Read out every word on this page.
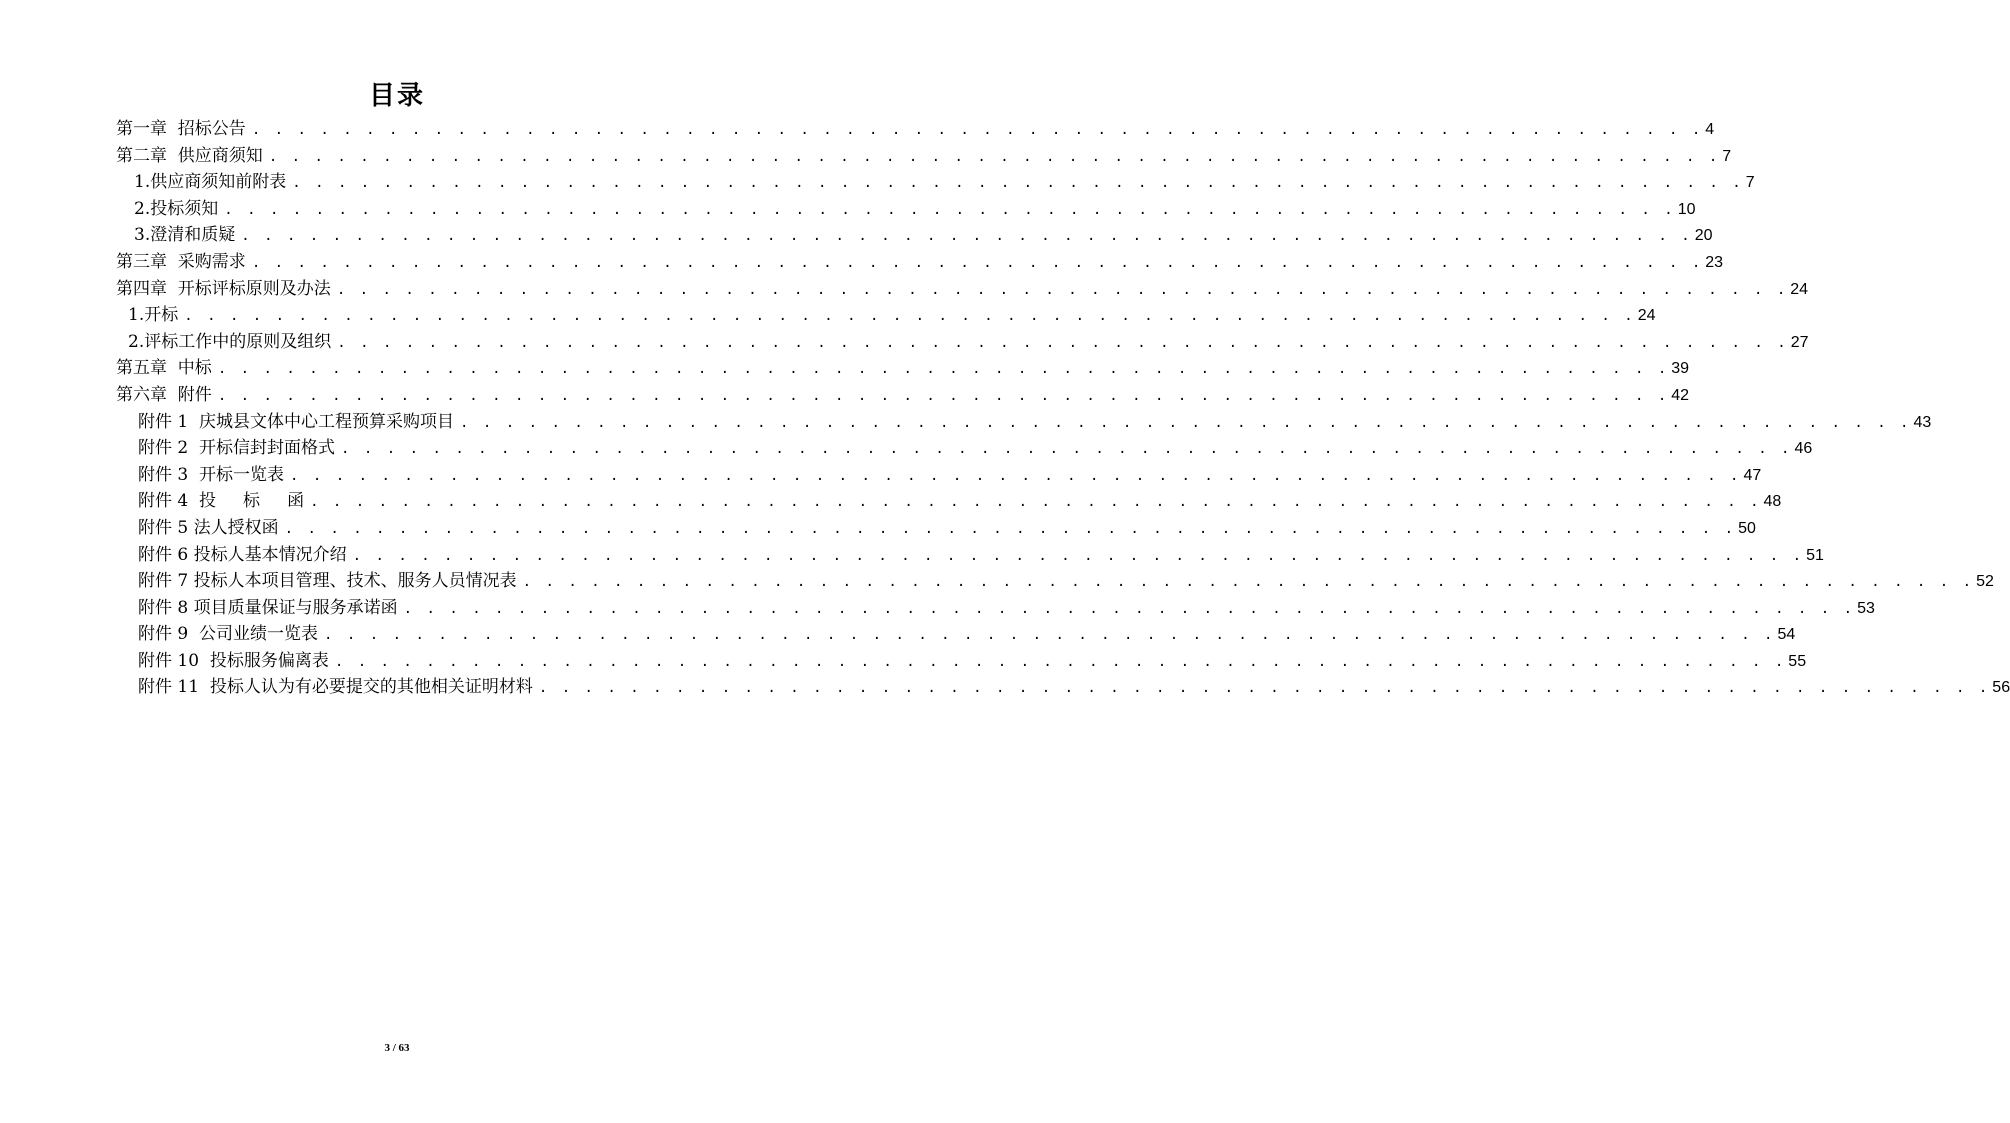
目录
第一章  招标公告 . . . . . . . . . . . . . . . . . . . . . . . . . . . . . . . . . . . . . . . . . . . . . . . . . . . . . . . . . . . . . . . . 4
第二章  供应商须知 . . . . . . . . . . . . . . . . . . . . . . . . . . . . . . . . . . . . . . . . . . . . . . . . . . . . . . . . . . . . . . . . 7
1.供应商须知前附表 . . . . . . . . . . . . . . . . . . . . . . . . . . . . . . . . . . . . . . . . . . . . . . . . . . . . . . . . . . . . . . . . 7
2.投标须知 . . . . . . . . . . . . . . . . . . . . . . . . . . . . . . . . . . . . . . . . . . . . . . . . . . . . . . . . . . . . . . . . 10
3.澄清和质疑 . . . . . . . . . . . . . . . . . . . . . . . . . . . . . . . . . . . . . . . . . . . . . . . . . . . . . . . . . . . . . . . . 20
第三章  采购需求 . . . . . . . . . . . . . . . . . . . . . . . . . . . . . . . . . . . . . . . . . . . . . . . . . . . . . . . . . . . . . . . . 23
第四章  开标评标原则及办法 . . . . . . . . . . . . . . . . . . . . . . . . . . . . . . . . . . . . . . . . . . . . . . . . . . . . . . . . . . . . . . . . 24
1.开标 . . . . . . . . . . . . . . . . . . . . . . . . . . . . . . . . . . . . . . . . . . . . . . . . . . . . . . . . . . . . . . . . 24
2.评标工作中的原则及组织 . . . . . . . . . . . . . . . . . . . . . . . . . . . . . . . . . . . . . . . . . . . . . . . . . . . . . . . . . . . . . . . . 27
第五章  中标 . . . . . . . . . . . . . . . . . . . . . . . . . . . . . . . . . . . . . . . . . . . . . . . . . . . . . . . . . . . . . . . . 39
第六章  附件 . . . . . . . . . . . . . . . . . . . . . . . . . . . . . . . . . . . . . . . . . . . . . . . . . . . . . . . . . . . . . . . . 42
附件 1  庆城县文体中心工程预算采购项目 . . . . . . . . . . . . . . . . . . . . . . . . . . . . . . . . . . . . . . . . . . . . . . . . . . . . . . . . . . . . . . . . 43
附件 2  开标信封封面格式 . . . . . . . . . . . . . . . . . . . . . . . . . . . . . . . . . . . . . . . . . . . . . . . . . . . . . . . . . . . . . . . . 46
附件 3  开标一览表 . . . . . . . . . . . . . . . . . . . . . . . . . . . . . . . . . . . . . . . . . . . . . . . . . . . . . . . . . . . . . . . . 47
附件 4  投     标     函 . . . . . . . . . . . . . . . . . . . . . . . . . . . . . . . . . . . . . . . . . . . . . . . . . . . . . . . . . . . . . . . . 48
附件 5 法人授权函 . . . . . . . . . . . . . . . . . . . . . . . . . . . . . . . . . . . . . . . . . . . . . . . . . . . . . . . . . . . . . . . . 50
附件 6 投标人基本情况介绍 . . . . . . . . . . . . . . . . . . . . . . . . . . . . . . . . . . . . . . . . . . . . . . . . . . . . . . . . . . . . . . . . 51
附件 7 投标人本项目管理、技术、服务人员情况表 . . . . . . . . . . . . . . . . . . . . . . . . . . . . . . . . . . . . . . . . . . . . . . . . . . . . . . . . . . . . . . . . 52
附件 8 项目质量保证与服务承诺函 . . . . . . . . . . . . . . . . . . . . . . . . . . . . . . . . . . . . . . . . . . . . . . . . . . . . . . . . . . . . . . . . 53
附件 9  公司业绩一览表 . . . . . . . . . . . . . . . . . . . . . . . . . . . . . . . . . . . . . . . . . . . . . . . . . . . . . . . . . . . . . . . . 54
附件 10  投标服务偏离表 . . . . . . . . . . . . . . . . . . . . . . . . . . . . . . . . . . . . . . . . . . . . . . . . . . . . . . . . . . . . . . . . 55
附件 11  投标人认为有必要提交的其他相关证明材料 . . . . . . . . . . . . . . . . . . . . . . . . . . . . . . . . . . . . . . . . . . . . . . . . . . . . . . . . . . . . . . . . 56
3 / 63
